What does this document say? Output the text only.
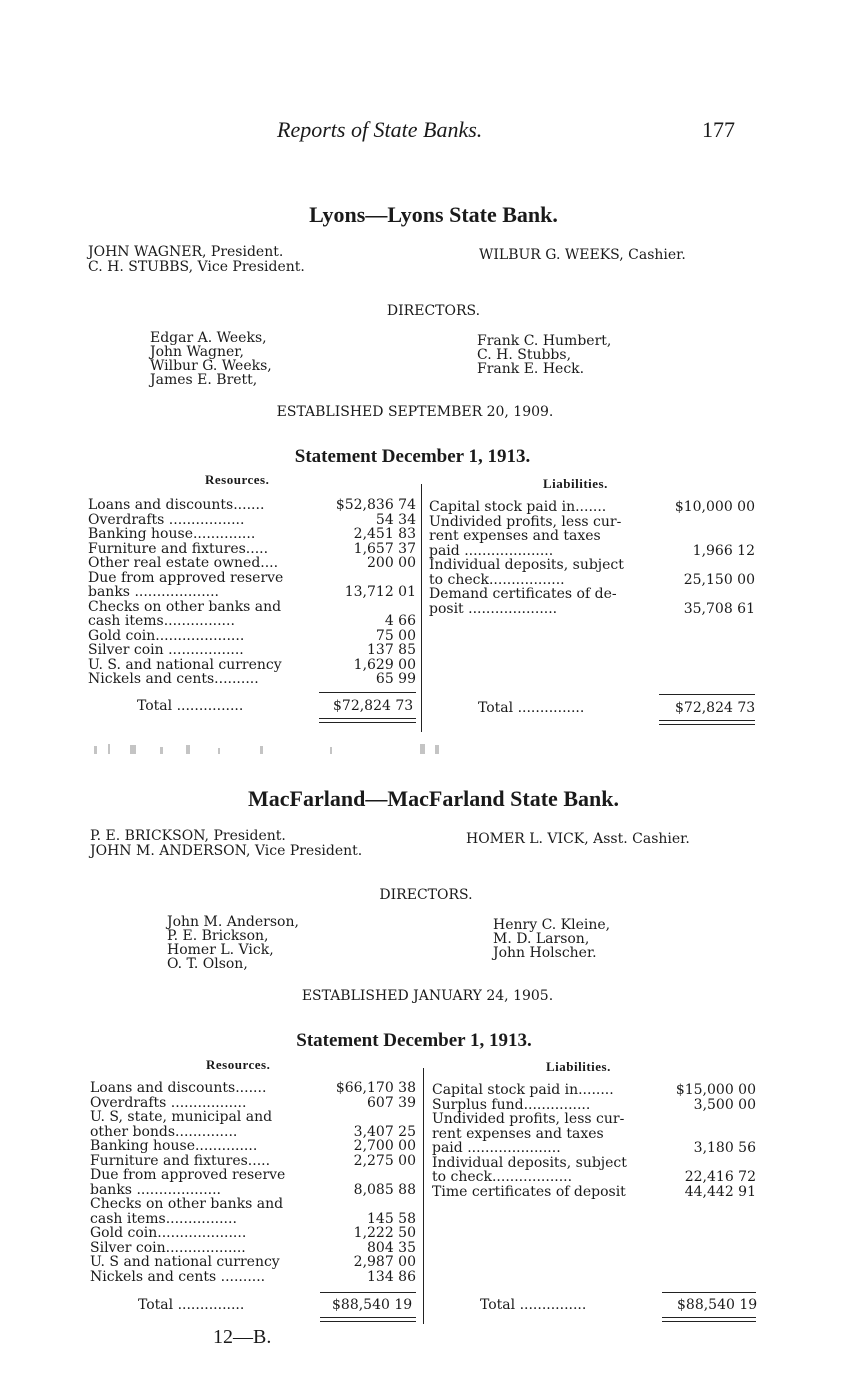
Reports of State Banks.	177
Lyons—Lyons State Bank.
JOHN WAGNER, President.
C. H. STUBBS, Vice President.
WILBUR G. WEEKS, Cashier.
DIRECTORS.
Edgar A. Weeks,
John Wagner,
Wilbur G. Weeks,
James E. Brett,
Frank C. Humbert,
C. H. Stubbs,
Frank E. Heck.
ESTABLISHED SEPTEMBER 20, 1909.
Statement December 1, 1913.
Resources.	Liabilities.
Loans and discounts.......	$52,836 74
Overdrafts .................	54 34
Banking house..............	2,451 83
Furniture and fixtures.....	1,657 37
Other real estate owned....	200 00
Due from approved reserve
banks ...................	13,712 01
Checks on other banks and
cash items................	4 66
Gold coin....................	75 00
Silver coin .................	137 85
U. S. and national currency	1,629 00
Nickels and cents..........	65 99
Capital stock paid in.......	$10,000 00
Undivided profits, less cur-
rent expenses and taxes
paid ....................	1,966 12
Individual deposits, subject
to check.................	25,150 00
Demand certificates of de-
posit ....................	35,708 61
Total ...............	$72,824 73	Total ...............	$72,824 73
MacFarland—MacFarland State Bank.
P. E. BRICKSON, President.
JOHN M. ANDERSON, Vice President.
HOMER L. VICK, Asst. Cashier.
DIRECTORS.
John M. Anderson,
P. E. Brickson,
Homer L. Vick,
O. T. Olson,
Henry C. Kleine,
M. D. Larson,
John Holscher.
ESTABLISHED JANUARY 24, 1905.
Statement December 1, 1913.
Resources.	Liabilities.
Loans and discounts.......	$66,170 38
Overdrafts .................	607 39
U. S, state, municipal and
other bonds..............	3,407 25
Banking house..............	2,700 00
Furniture and fixtures.....	2,275 00
Due from approved reserve
banks ...................	8,085 88
Checks on other banks and
cash items................	145 58
Gold coin....................	1,222 50
Silver coin..................	804 35
U. S and national currency	2,987 00
Nickels and cents ..........	134 86
Capital stock paid in........	$15,000 00
Surplus fund...............	3,500 00
Undivided profits, less cur-
rent expenses and taxes
paid .....................	3,180 56
Individual deposits, subject
to check..................	22,416 72
Time certificates of deposit	44,442 91
Total ...............	$88,540 19	Total ...............	$88,540 19
12—B.
